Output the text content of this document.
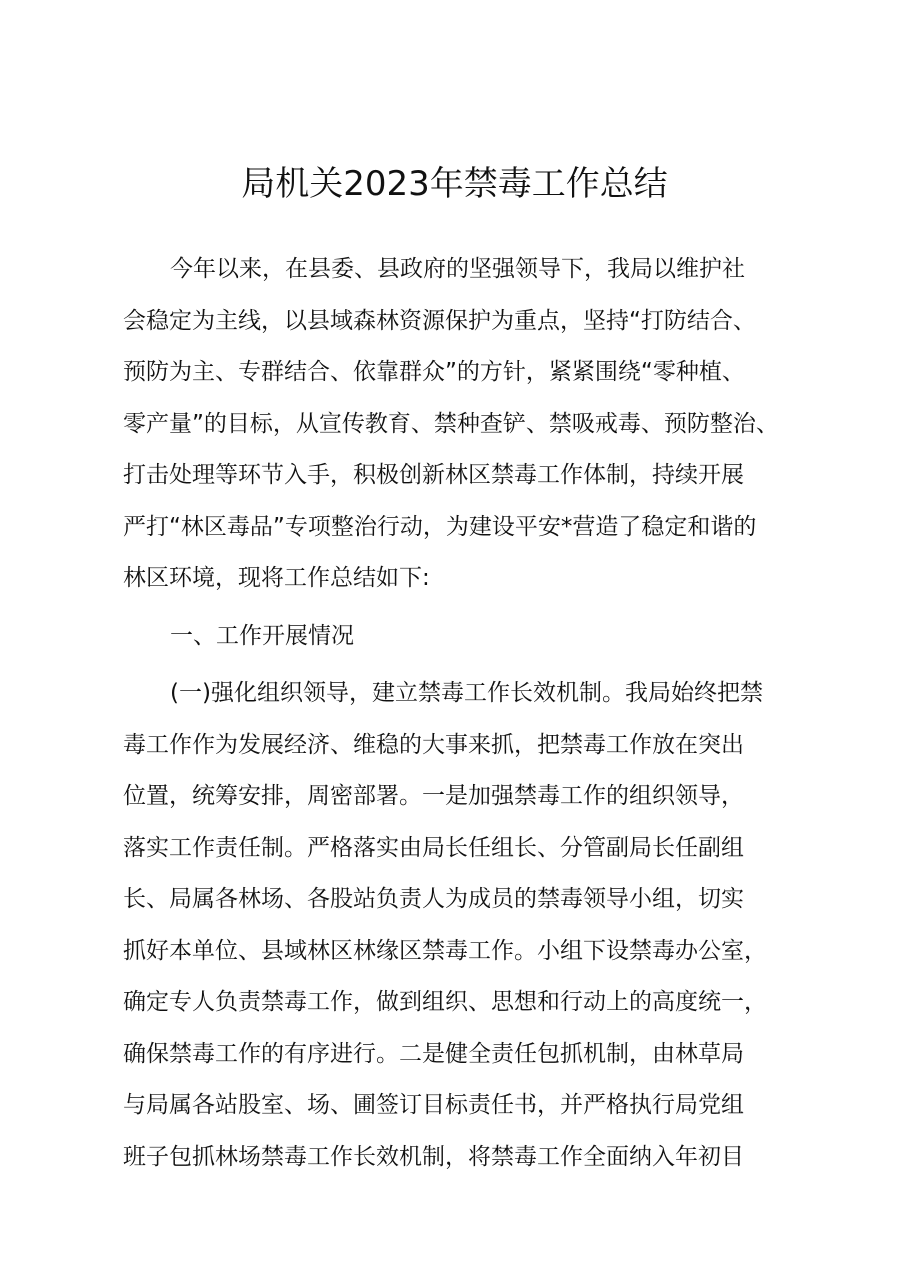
局机关2023年禁毒工作总结
今年以来，在县委、县政府的坚强领导下，我局以维护社
会稳定为主线，以县域森林资源保护为重点，坚持“打防结合、
预防为主、专群结合、依靠群众”的方针，紧紧围绕“零种植、
零产量”的目标，从宣传教育、禁种查铲、禁吸戒毒、预防整治、
打击处理等环节入手，积极创新林区禁毒工作体制，持续开展
严打“林区毒品”专项整治行动，为建设平安*营造了稳定和谐的
林区环境，现将工作总结如下:
一、工作开展情况
(一)强化组织领导，建立禁毒工作长效机制。我局始终把禁
毒工作作为发展经济、维稳的大事来抓，把禁毒工作放在突出
位置，统筹安排，周密部署。一是加强禁毒工作的组织领导，
落实工作责任制。严格落实由局长任组长、分管副局长任副组
长、局属各林场、各股站负责人为成员的禁毒领导小组，切实
抓好本单位、县域林区林缘区禁毒工作。小组下设禁毒办公室，
确定专人负责禁毒工作，做到组织、思想和行动上的高度统一，
确保禁毒工作的有序进行。二是健全责任包抓机制，由林草局
与局属各站股室、场、圃签订目标责任书，并严格执行局党组
班子包抓林场禁毒工作长效机制，将禁毒工作全面纳入年初目
